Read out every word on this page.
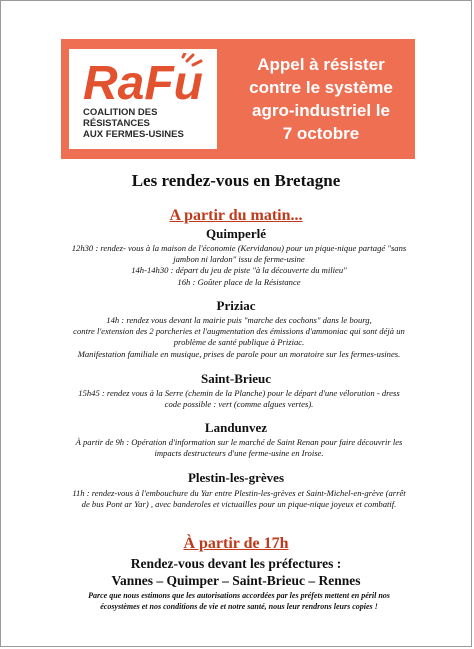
RaFu
COALITION DES
RÉSISTANCES
AUX FERMES-USINES
Appel à résister
contre le système
agro-industriel le
7 octobre
Les rendez-vous en Bretagne
A partir du matin...
Quimperlé
12h30 : rendez- vous à la maison de l'économie (Kervidanou) pour un pique-nique partagé "sans
jambon ni lardon" issu de ferme-usine
14h-14h30 : départ du jeu de piste "à la découverte du milieu"
16h : Goûter place de la Résistance
Priziac
14h : rendez vous devant la mairie puis "marche des cochons" dans le bourg,
contre l'extension des 2 porcheries et l'augmentation des émissions d'ammoniac qui sont déjà un
problème de santé publique à Priziac.
Manifestation familiale en musique, prises de parole pour un moratoire sur les fermes-usines.
Saint-Brieuc
15h45 : rendez vous à la Serre (chemin de la Planche) pour le départ d'une vélorution - dress
code possible : vert (comme algues vertes).
Landunvez
À partir de 9h : Opération d'information sur le marché de Saint Renan pour faire découvrir les
impacts destructeurs d'une ferme-usine en Iroise.
Plestin-les-grèves
11h : rendez-vous à l'embouchure du Yar entre Plestin-les-grèves et Saint-Michel-en-grève (arrêt
de bus Pont ar Yar) , avec banderoles et victuailles pour un pique-nique joyeux et combatif.
À partir de 17h
Rendez-vous devant les préfectures :
Vannes – Quimper – Saint-Brieuc – Rennes
Parce que nous estimons que les autorisations accordées par les préfets mettent en péril nos
écosystèmes et nos conditions de vie et notre santé, nous leur rendrons leurs copies !
